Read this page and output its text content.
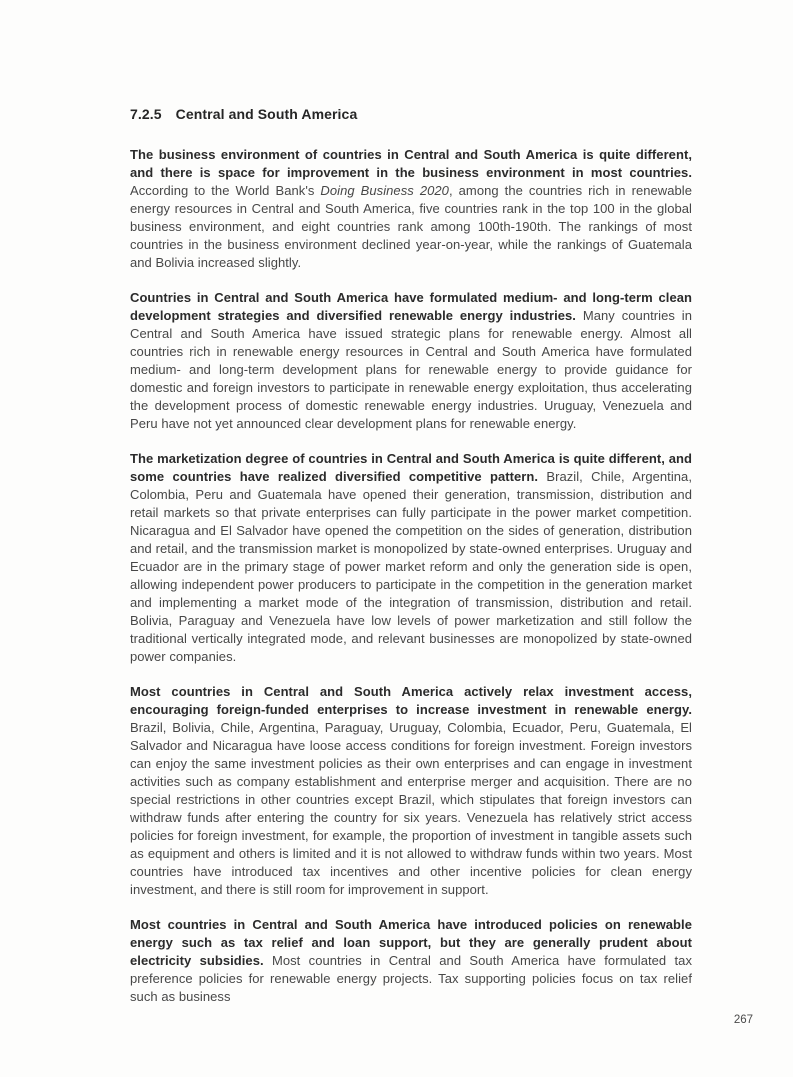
7.2.5 Central and South America

The business environment of countries in Central and South America is quite different, and there is space for improvement in the business environment in most countries. According to the World Bank's Doing Business 2020, among the countries rich in renewable energy resources in Central and South America, five countries rank in the top 100 in the global business environment, and eight countries rank among 100th-190th. The rankings of most countries in the business environment declined year-on-year, while the rankings of Guatemala and Bolivia increased slightly.

Countries in Central and South America have formulated medium- and long-term clean development strategies and diversified renewable energy industries. Many countries in Central and South America have issued strategic plans for renewable energy. Almost all countries rich in renewable energy resources in Central and South America have formulated medium- and long-term development plans for renewable energy to provide guidance for domestic and foreign investors to participate in renewable energy exploitation, thus accelerating the development process of domestic renewable energy industries. Uruguay, Venezuela and Peru have not yet announced clear development plans for renewable energy.

The marketization degree of countries in Central and South America is quite different, and some countries have realized diversified competitive pattern. Brazil, Chile, Argentina, Colombia, Peru and Guatemala have opened their generation, transmission, distribution and retail markets so that private enterprises can fully participate in the power market competition. Nicaragua and El Salvador have opened the competition on the sides of generation, distribution and retail, and the transmission market is monopolized by state-owned enterprises. Uruguay and Ecuador are in the primary stage of power market reform and only the generation side is open, allowing independent power producers to participate in the competition in the generation market and implementing a market mode of the integration of transmission, distribution and retail. Bolivia, Paraguay and Venezuela have low levels of power marketization and still follow the traditional vertically integrated mode, and relevant businesses are monopolized by state-owned power companies.

Most countries in Central and South America actively relax investment access, encouraging foreign-funded enterprises to increase investment in renewable energy. Brazil, Bolivia, Chile, Argentina, Paraguay, Uruguay, Colombia, Ecuador, Peru, Guatemala, El Salvador and Nicaragua have loose access conditions for foreign investment. Foreign investors can enjoy the same investment policies as their own enterprises and can engage in investment activities such as company establishment and enterprise merger and acquisition. There are no special restrictions in other countries except Brazil, which stipulates that foreign investors can withdraw funds after entering the country for six years. Venezuela has relatively strict access policies for foreign investment, for example, the proportion of investment in tangible assets such as equipment and others is limited and it is not allowed to withdraw funds within two years. Most countries have introduced tax incentives and other incentive policies for clean energy investment, and there is still room for improvement in support.

Most countries in Central and South America have introduced policies on renewable energy such as tax relief and loan support, but they are generally prudent about electricity subsidies. Most countries in Central and South America have formulated tax preference policies for renewable energy projects. Tax supporting policies focus on tax relief such as business

267
